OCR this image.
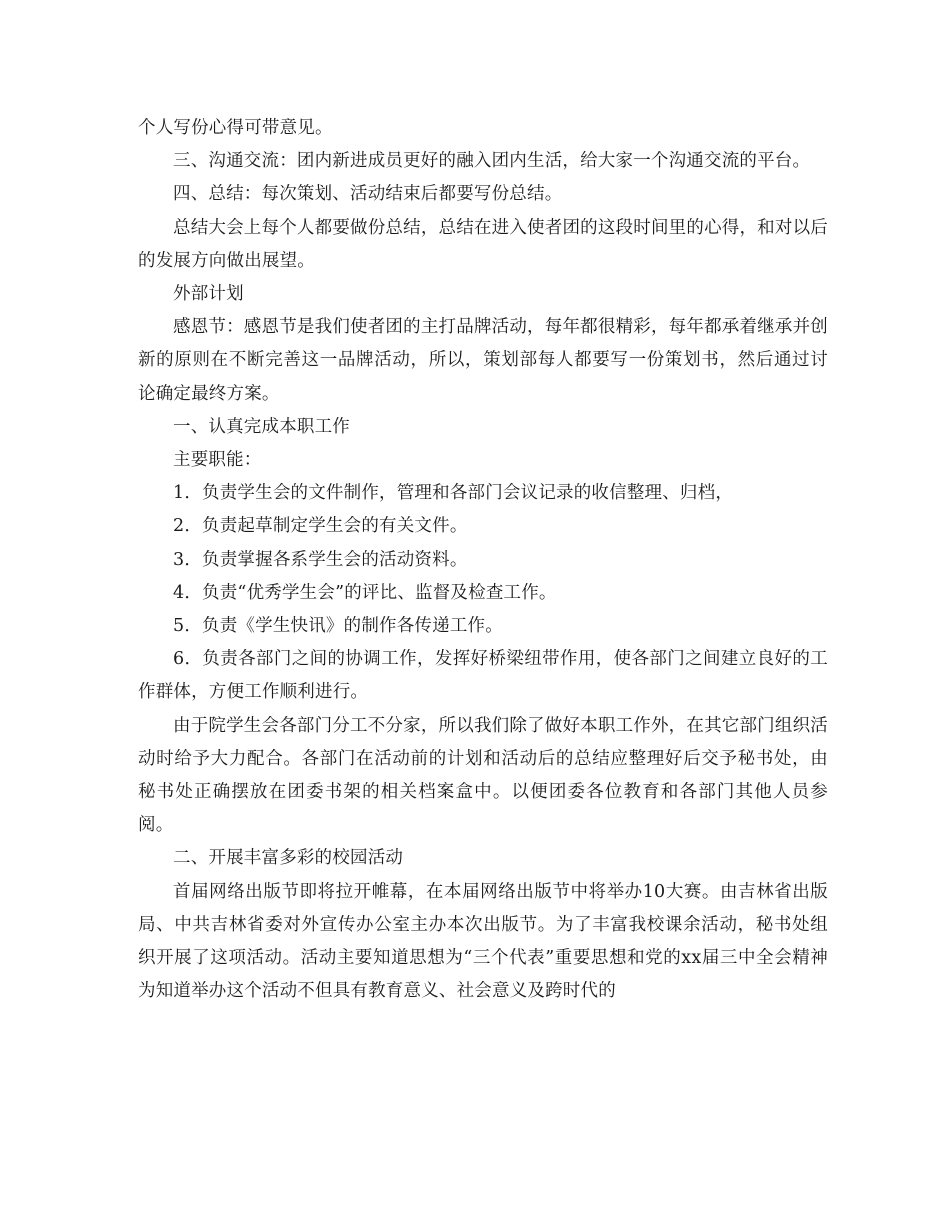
个人写份心得可带意见。

三、沟通交流：团内新进成员更好的融入团内生活，给大家一个沟通交流的平台。

四、总结：每次策划、活动结束后都要写份总结。

总结大会上每个人都要做份总结，总结在进入使者团的这段时间里的心得，和对以后的发展方向做出展望。

外部计划

感恩节：感恩节是我们使者团的主打品牌活动，每年都很精彩，每年都承着继承并创新的原则在不断完善这一品牌活动，所以，策划部每人都要写一份策划书，然后通过讨论确定最终方案。

一、认真完成本职工作

主要职能：

1．负责学生会的文件制作，管理和各部门会议记录的收信整理、归档，

2．负责起草制定学生会的有关文件。

3．负责掌握各系学生会的活动资料。

4．负责“优秀学生会”的评比、监督及检查工作。

5．负责《学生快讯》的制作各传递工作。

6．负责各部门之间的协调工作，发挥好桥梁纽带作用，使各部门之间建立良好的工作群体，方便工作顺利进行。

由于院学生会各部门分工不分家，所以我们除了做好本职工作外，在其它部门组织活动时给予大力配合。各部门在活动前的计划和活动后的总结应整理好后交予秘书处，由秘书处正确摆放在团委书架的相关档案盒中。以便团委各位教育和各部门其他人员参阅。

二、开展丰富多彩的校园活动

首届网络出版节即将拉开帷幕，在本届网络出版节中将举办10大赛。由吉林省出版局、中共吉林省委对外宣传办公室主办本次出版节。为了丰富我校课余活动，秘书处组织开展了这项活动。活动主要知道思想为“三个代表”重要思想和党的xx届三中全会精神为知道举办这个活动不但具有教育意义、社会意义及跨时代的
